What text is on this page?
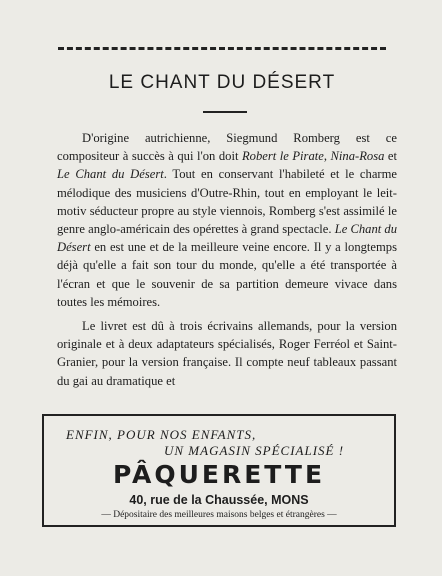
LE CHANT DU DÉSERT

D'origine autrichienne, Siegmund Romberg est ce compositeur à succès à qui l'on doit Robert le Pirate, Nina-Rosa et Le Chant du Désert. Tout en conservant l'habileté et le charme mélodique des musiciens d'Outre-Rhin, tout en employant le leit-motiv séducteur propre au style viennois, Romberg s'est assimilé le genre anglo-américain des opérettes à grand spectacle. Le Chant du Désert en est une et de la meilleure veine encore. Il y a longtemps déjà qu'elle a fait son tour du monde, qu'elle a été transportée à l'écran et que le souvenir de sa partition demeure vivace dans toutes les mémoires.

Le livret est dû à trois écrivains allemands, pour la version originale et à deux adaptateurs spécialisés, Roger Ferréol et Saint-Granier, pour la version française. Il compte neuf tableaux passant du gai au dramatique et

ENFIN, POUR NOS ENFANTS,
UN MAGASIN SPÉCIALISÉ !
PÂQUERETTE
40, rue de la Chaussée, MONS
— Dépositaire des meilleures maisons belges et étrangères —
